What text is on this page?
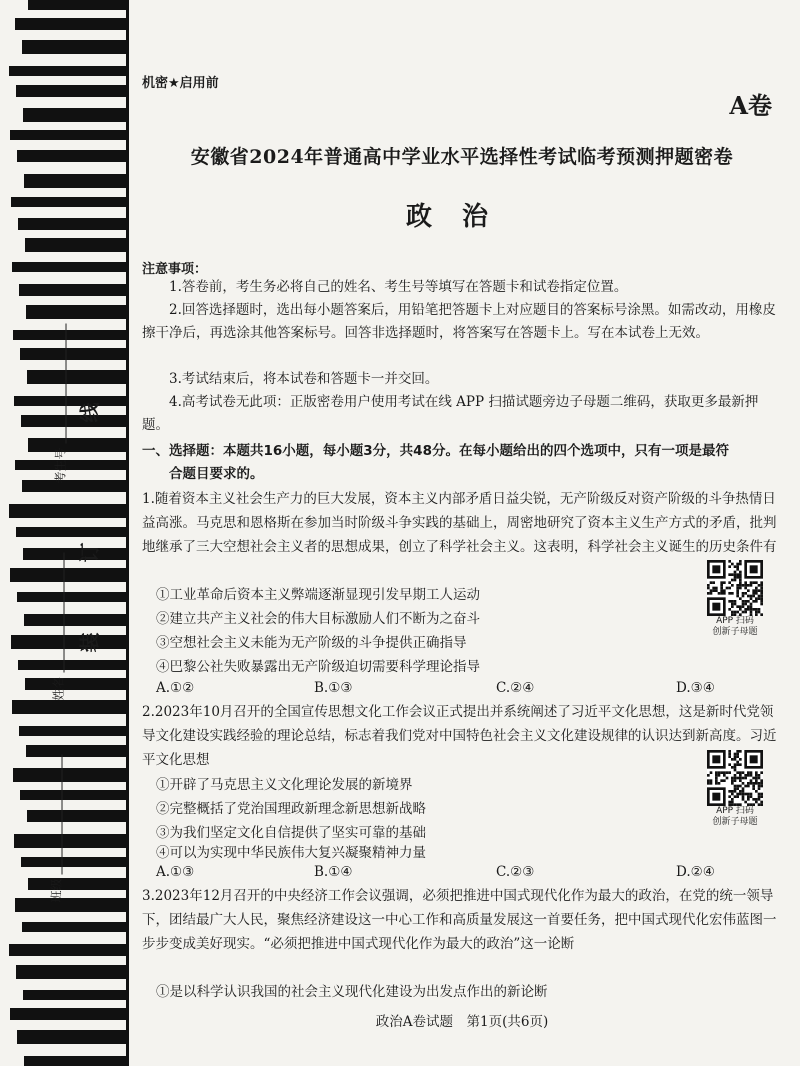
考生号
线
姓名
订
装
班级
机密★启用前
A卷
安徽省2024年普通高中学业水平选择性考试临考预测押题密卷
政治
注意事项：
1.答卷前，考生务必将自己的姓名、考生号等填写在答题卡和试卷指定位置。
2.回答选择题时，选出每小题答案后，用铅笔把答题卡上对应题目的答案标号涂黑。如需改动，用橡皮擦干净后，再选涂其他答案标号。回答非选择题时，将答案写在答题卡上。写在本试卷上无效。
3.考试结束后，将本试卷和答题卡一并交回。
4.高考试卷无此项：正版密卷用户使用考试在线 APP 扫描试题旁边子母题二维码，获取更多最新押题。
一、选择题：本题共16小题，每小题3分，共48分。在每小题给出的四个选项中，只有一项是最符
合题目要求的。
1.随着资本主义社会生产力的巨大发展，资本主义内部矛盾日益尖锐，无产阶级反对资产阶级的斗争热情日益高涨。马克思和恩格斯在参加当时阶级斗争实践的基础上，周密地研究了资本主义生产方式的矛盾，批判地继承了三大空想社会主义者的思想成果，创立了科学社会主义。这表明，科学社会主义诞生的历史条件有
①工业革命后资本主义弊端逐渐显现引发早期工人运动
②建立共产主义社会的伟大目标激励人们不断为之奋斗
③空想社会主义未能为无产阶级的斗争提供正确指导
④巴黎公社失败暴露出无产阶级迫切需要科学理论指导
A.①②	B.①③	C.②④	D.③④
APP 扫码
创新子母题
2.2023年10月召开的全国宣传思想文化工作会议正式提出并系统阐述了习近平文化思想，这是新时代党领导文化建设实践经验的理论总结，标志着我们党对中国特色社会主义文化建设规律的认识达到新高度。习近平文化思想
①开辟了马克思主义文化理论发展的新境界
②完整概括了党治国理政新理念新思想新战略
③为我们坚定文化自信提供了坚实可靠的基础
④可以为实现中华民族伟大复兴凝聚精神力量
A.①③	B.①④	C.②③	D.②④
APP 扫码
创新子母题
3.2023年12月召开的中央经济工作会议强调，必须把推进中国式现代化作为最大的政治，在党的统一领导下，团结最广大人民，聚焦经济建设这一中心工作和高质量发展这一首要任务，把中国式现代化宏伟蓝图一步步变成美好现实。“必须把推进中国式现代化作为最大的政治”这一论断
①是以科学认识我国的社会主义现代化建设为出发点作出的新论断
政治A卷试题　第1页(共6页)
